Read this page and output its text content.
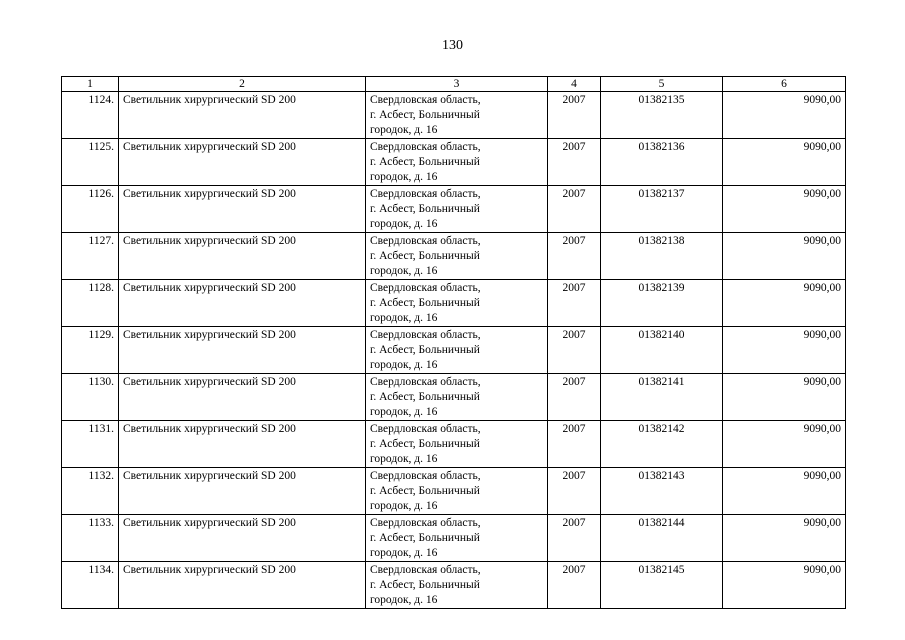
130
1	2	3	4	5	6
1124.	Светильник хирургический SD 200	Свердловская область,
г. Асбест, Больничный
городок, д. 16	2007	01382135	9090,00
1125.	Светильник хирургический SD 200	Свердловская область,
г. Асбест, Больничный
городок, д. 16	2007	01382136	9090,00
1126.	Светильник хирургический SD 200	Свердловская область,
г. Асбест, Больничный
городок, д. 16	2007	01382137	9090,00
1127.	Светильник хирургический SD 200	Свердловская область,
г. Асбест, Больничный
городок, д. 16	2007	01382138	9090,00
1128.	Светильник хирургический SD 200	Свердловская область,
г. Асбест, Больничный
городок, д. 16	2007	01382139	9090,00
1129.	Светильник хирургический SD 200	Свердловская область,
г. Асбест, Больничный
городок, д. 16	2007	01382140	9090,00
1130.	Светильник хирургический SD 200	Свердловская область,
г. Асбест, Больничный
городок, д. 16	2007	01382141	9090,00
1131.	Светильник хирургический SD 200	Свердловская область,
г. Асбест, Больничный
городок, д. 16	2007	01382142	9090,00
1132.	Светильник хирургический SD 200	Свердловская область,
г. Асбест, Больничный
городок, д. 16	2007	01382143	9090,00
1133.	Светильник хирургический SD 200	Свердловская область,
г. Асбест, Больничный
городок, д. 16	2007	01382144	9090,00
1134.	Светильник хирургический SD 200	Свердловская область,
г. Асбест, Больничный
городок, д. 16	2007	01382145	9090,00
